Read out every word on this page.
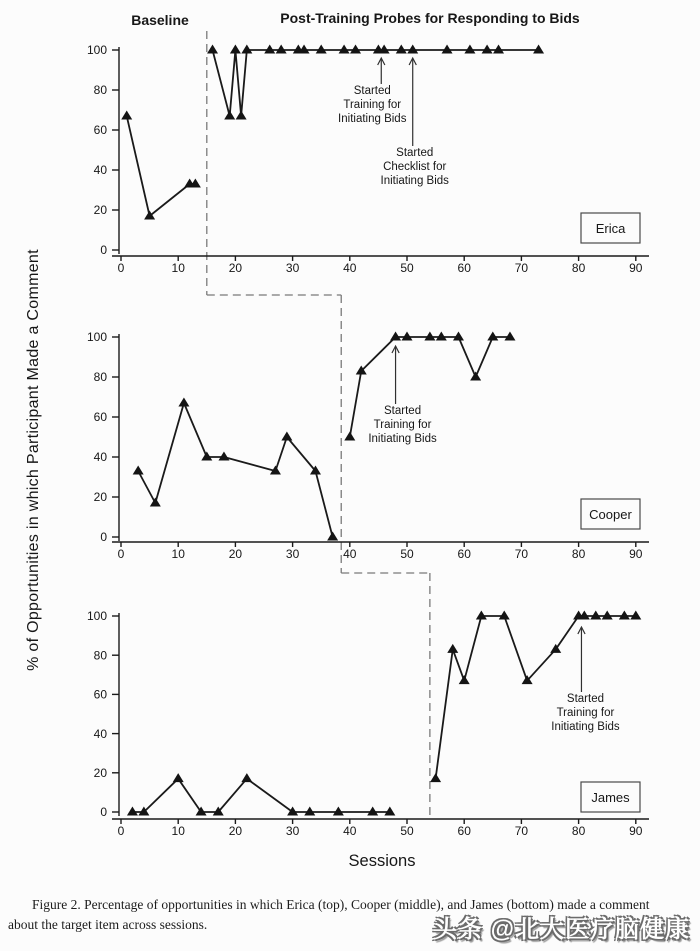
Baseline	Post-Training Probes for Responding to Bids
% of Opportunities in which Participant Made a Comment
Sessions
0
20
40
60
80
100
0	10	20	30	40	50	60	70	80	90
Started
Training for
Initiating Bids
Started
Checklist for
Initiating Bids
Erica
0
20
40
60
80
100
0	10	20	30	40	50	60	70	80	90
Started
Training for
Initiating Bids
Cooper
0
20
40
60
80
100
0	10	20	30	40	50	60	70	80	90
Started
Training for
Initiating Bids
James
Figure 2. Percentage of opportunities in which Erica (top), Cooper (middle), and James (bottom) made a comment
about the target item across sessions.	头条 @北大医疗脑健康
